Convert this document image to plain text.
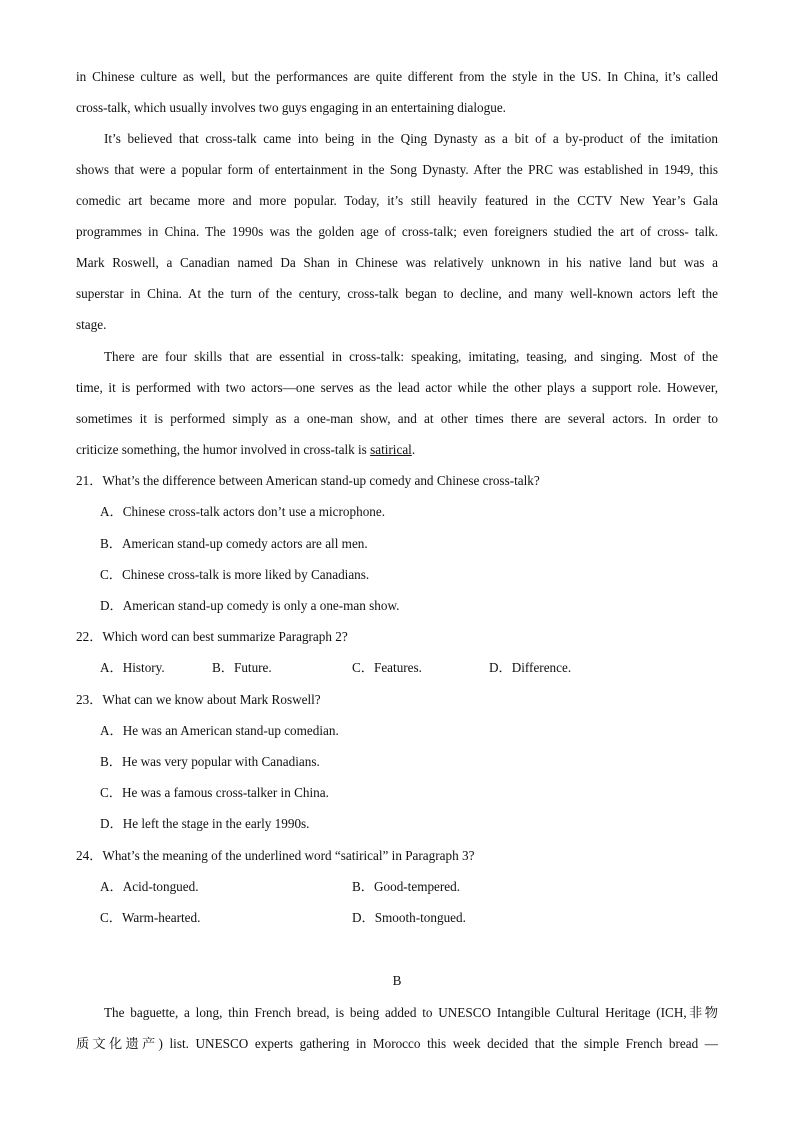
in Chinese culture as well, but the performances are quite different from the style in the US. In China, it’s called

cross-talk, which usually involves two guys engaging in an entertaining dialogue.

It’s believed that cross-talk came into being in the Qing Dynasty as a bit of a by-product of the imitation

shows that were a popular form of entertainment in the Song Dynasty. After the PRC was established in 1949, this

comedic art became more and more popular. Today, it’s still heavily featured in the CCTV New Year’s Gala

programmes in China. The 1990s was the golden age of cross-talk; even foreigners studied the art of cross- talk.

Mark Roswell, a Canadian named Da Shan in Chinese was relatively unknown in his native land but was a

superstar in China. At the turn of the century, cross-talk began to decline, and many well-known actors left the

stage.

There are four skills that are essential in cross-talk: speaking, imitating, teasing, and singing. Most of the

time, it is performed with two actors—one serves as the lead actor while the other plays a support role. However,

sometimes it is performed simply as a one-man show, and at other times there are several actors. In order to

criticize something, the humor involved in cross-talk is satirical.

21．What’s the difference between American stand-up comedy and Chinese cross-talk?
A．Chinese cross-talk actors don’t use a microphone.
B．American stand-up comedy actors are all men.
C．Chinese cross-talk is more liked by Canadians.
D．American stand-up comedy is only a one-man show.
22．Which word can best summarize Paragraph 2?
A．History.	B．Future.	C．Features.	D．Difference.
23．What can we know about Mark Roswell?
A．He was an American stand-up comedian.
B．He was very popular with Canadians.
C．He was a famous cross-talker in China.
D．He left the stage in the early 1990s.
24．What’s the meaning of the underlined word “satirical” in Paragraph 3?
A．Acid-tongued.	B．Good-tempered.
C．Warm-hearted.	D．Smooth-tongued.
B

The baguette, a long, thin French bread, is being added to UNESCO Intangible Cultural Heritage (ICH,非物

质文化遗产) list. UNESCO experts gathering in Morocco this week decided that the simple French bread —
